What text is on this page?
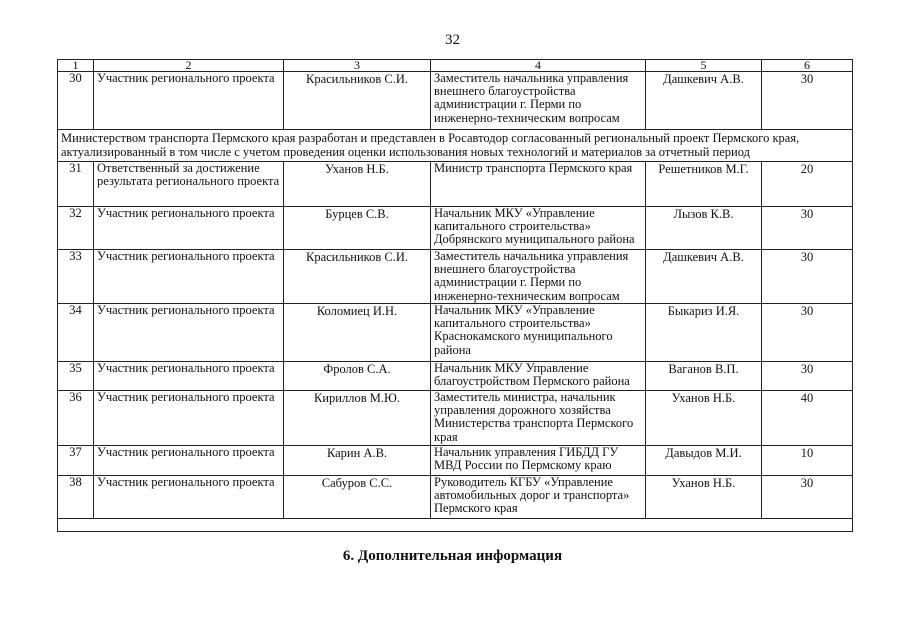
32
1	2	3	4	5	6
30	Участник регионального проекта	Красильников С.И.	Заместитель начальника управления внешнего благоустройства администрации г. Перми по инженерно-техническим вопросам	Дашкевич А.В.	30
Министерством транспорта Пермского края разработан и представлен в Росавтодор согласованный региональный проект Пермского края, актуализированный в том числе с учетом проведения оценки использования новых технологий и материалов за отчетный период					
31	Ответственный за достижение результата регионального проекта	Уханов Н.Б.	Министр транспорта Пермского края	Решетников М.Г.	20
32	Участник регионального проекта	Бурцев С.В.	Начальник МКУ «Управление капитального строительства» Добрянского муниципального района	Лызов К.В.	30
33	Участник регионального проекта	Красильников С.И.	Заместитель начальника управления внешнего благоустройства администрации г. Перми по инженерно-техническим вопросам	Дашкевич А.В.	30
34	Участник регионального проекта	Коломиец И.Н.	Начальник МКУ «Управление капитального строительства» Краснокамского муниципального района	Быкариз И.Я.	30
35	Участник регионального проекта	Фролов С.А.	Начальник МКУ Управление благоустройством Пермского района	Ваганов В.П.	30
36	Участник регионального проекта	Кириллов М.Ю.	Заместитель министра, начальник управления дорожного хозяйства Министерства транспорта Пермского края	Уханов Н.Б.	40
37	Участник регионального проекта	Карин А.В.	Начальник управления ГИБДД ГУ МВД России по Пермскому краю	Давыдов М.И.	10
38	Участник регионального проекта	Сабуров С.С.	Руководитель КГБУ «Управление автомобильных дорог и транспорта» Пермского края	Уханов Н.Б.	30

6. Дополнительная информация
